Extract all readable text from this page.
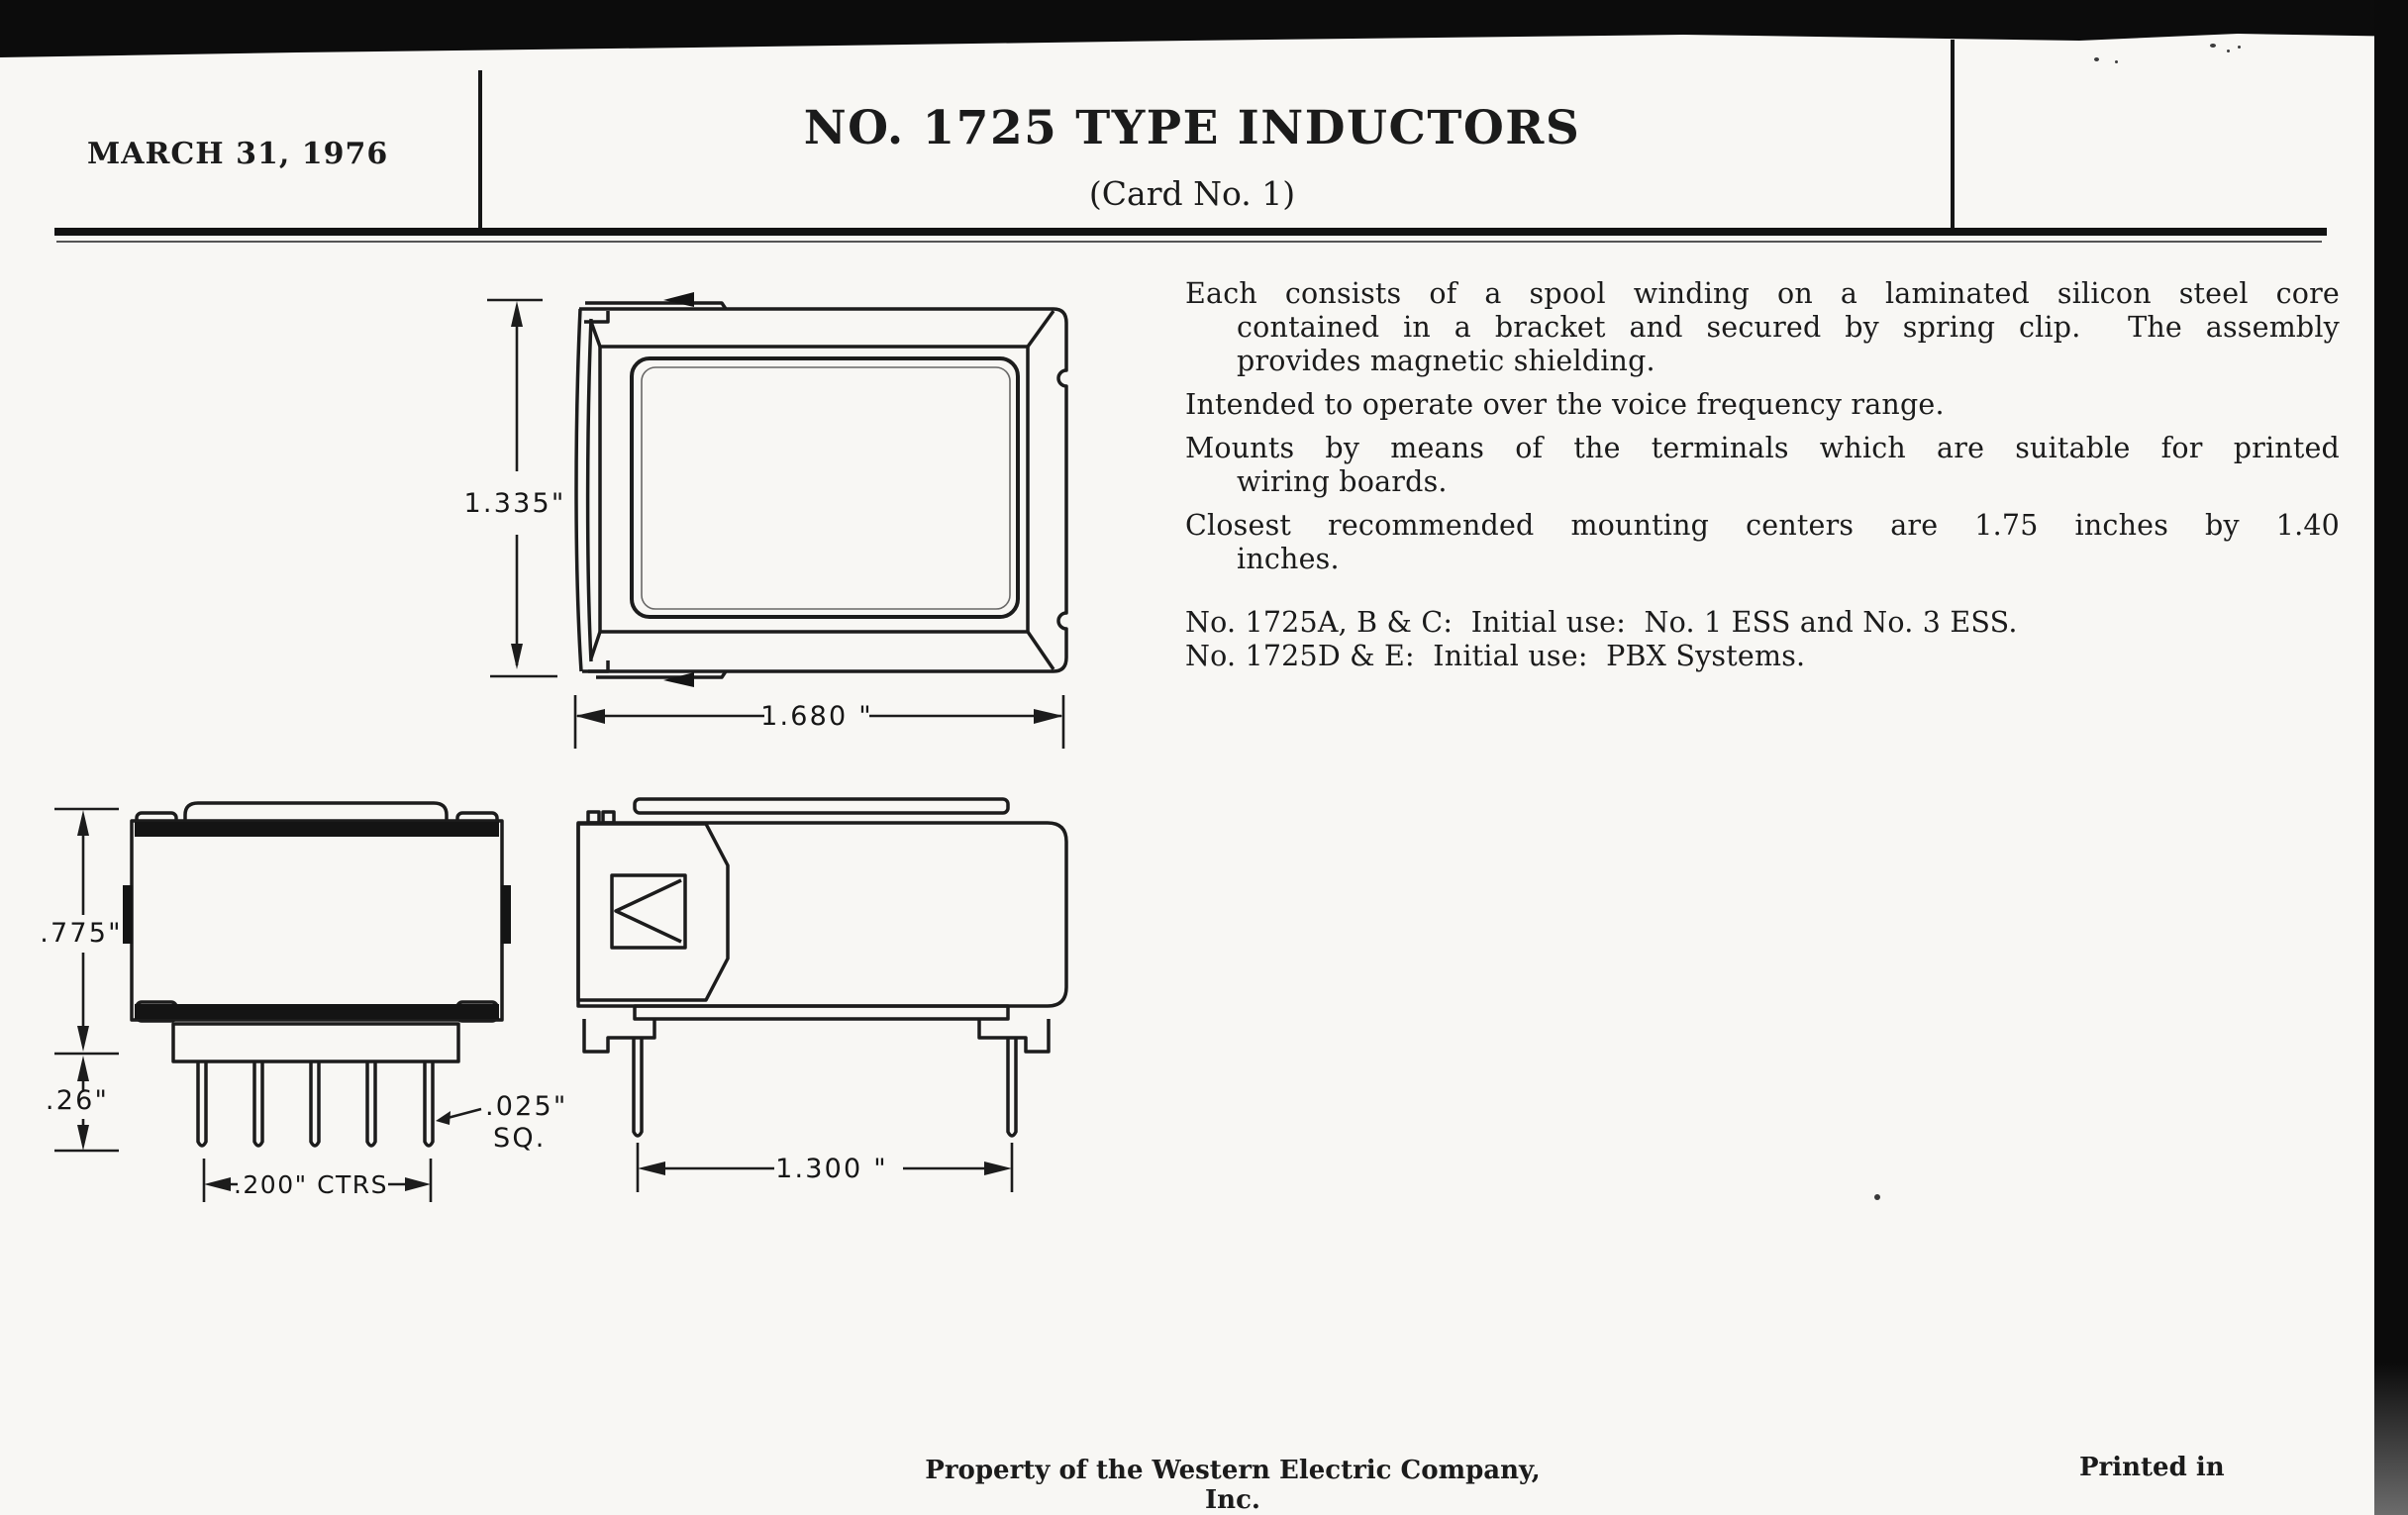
MARCH 31, 1976	NO. 1725 TYPE INDUCTORS
(Card No. 1)
Each consists of a spool winding on a laminated silicon steel core
contained in a bracket and secured by spring clip.  The assembly
provides magnetic shielding.
Intended to operate over the voice frequency range.
Mounts by means of the terminals which are suitable for printed
wiring boards.
Closest recommended mounting centers are 1.75 inches by 1.40
inches.
No. 1725A, B & C:  Initial use:  No. 1 ESS and No. 3 ESS.
No. 1725D & E:  Initial use:  PBX Systems.
1.335"
1.680 "
.775"
.26"
.200" CTRS
.025"
SQ.
1.300 "
Property of the Western Electric Company, Inc.
Printed in
